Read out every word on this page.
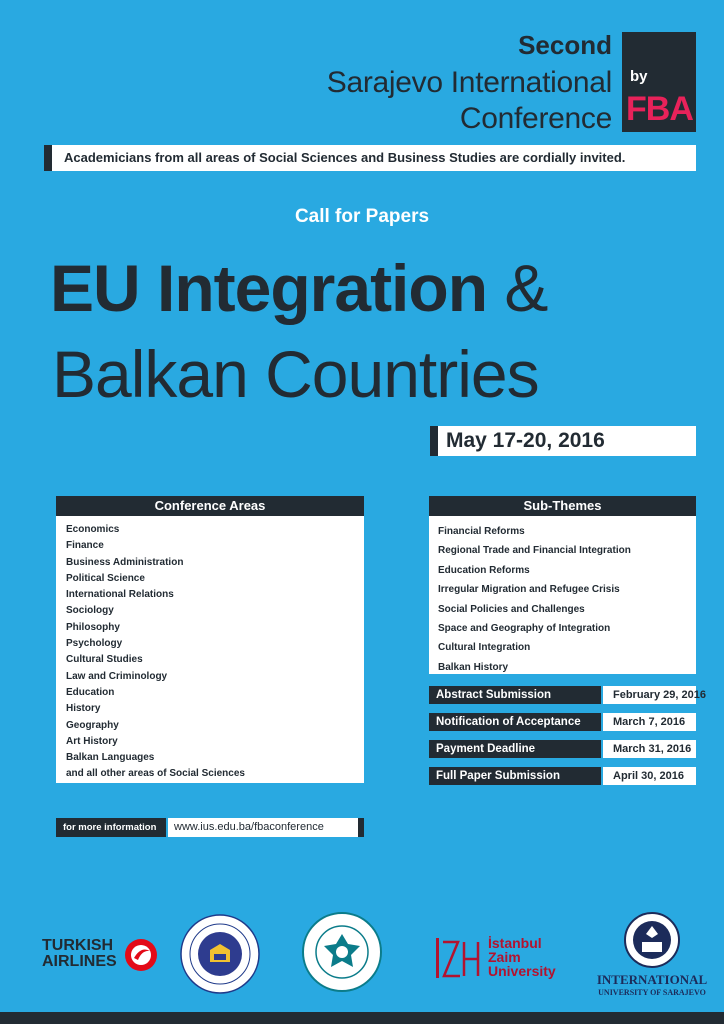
Second
Sarajevo International
Conference
by
FBA
Academicians from all areas of Social Sciences and Business Studies are cordially invited.
Call for Papers
EU Integration &
Balkan Countries
May 17-20, 2016
Conference Areas
Economics
Finance
Business Administration
Political Science
International Relations
Sociology
Philosophy
Psychology
Cultural Studies
Law and Criminology
Education
History
Geography
Art History
Balkan Languages
and all other areas of Social Sciences
Sub-Themes
Financial Reforms
Regional Trade and Financial Integration
Education Reforms
Irregular Migration and Refugee Crisis
Social Policies and Challenges
Space and Geography of Integration
Cultural Integration
Balkan History
Abstract Submission	February 29, 2016
Notification of Acceptance	March 7, 2016
Payment Deadline	March 31, 2016
Full Paper Submission	April 30, 2016
for more information	www.ius.edu.ba/fbaconference
TURKISH
AIRLINES
İstanbul
Zaim
University
INTERNATIONAL
UNIVERSITY OF SARAJEVO
